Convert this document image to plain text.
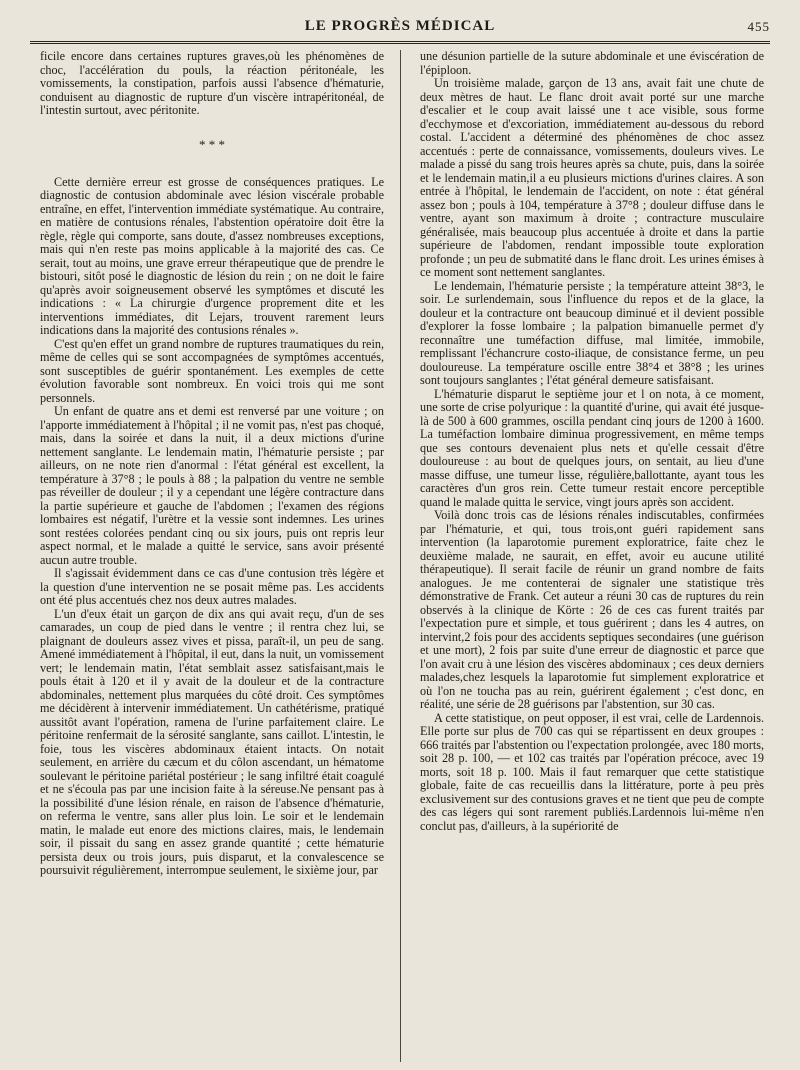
LE PROGRÈS MÉDICAL	455

ficile encore dans certaines ruptures graves,où les phénomènes de choc, l'accélération du pouls, la réaction péritonéale, les vomissements, la constipation, parfois aussi l'absence d'hématurie, conduisent au diagnostic de rupture d'un viscère intrapéritonéal, de l'intestin surtout, avec péritonite.

* * *

Cette dernière erreur est grosse de conséquences pratiques. Le diagnostic de contusion abdominale avec lésion viscérale probable entraîne, en effet, l'intervention immédiate systématique. Au contraire, en matière de contusions rénales, l'abstention opératoire doit être la règle, règle qui comporte, sans doute, d'assez nombreuses exceptions, mais qui n'en reste pas moins applicable à la majorité des cas. Ce serait, tout au moins, une grave erreur thérapeutique que de prendre le bistouri, sitôt posé le diagnostic de lésion du rein ; on ne doit le faire qu'après avoir soigneusement observé les symptômes et discuté les indications : « La chirurgie d'urgence proprement dite et les interventions immédiates, dit Lejars, trouvent rarement leurs indications dans la majorité des contusions rénales ».

C'est qu'en effet un grand nombre de ruptures traumatiques du rein, même de celles qui se sont accompagnées de symptômes accentués, sont susceptibles de guérir spontanément. Les exemples de cette évolution favorable sont nombreux. En voici trois qui me sont personnels.

Un enfant de quatre ans et demi est renversé par une voiture ; on l'apporte immédiatement à l'hôpital ; il ne vomit pas, n'est pas choqué, mais, dans la soirée et dans la nuit, il a deux mictions d'urine nettement sanglante. Le lendemain matin, l'hématurie persiste ; par ailleurs, on ne note rien d'anormal : l'état général est excellent, la température à 37°8 ; le pouls à 88 ; la palpation du ventre ne semble pas réveiller de douleur ; il y a cependant une légère contracture dans la partie supérieure et gauche de l'abdomen ; l'examen des régions lombaires est négatif, l'urètre et la vessie sont indemnes. Les urines sont restées colorées pendant cinq ou six jours, puis ont repris leur aspect normal, et le malade a quitté le service, sans avoir présenté aucun autre trouble.

Il s'agissait évidemment dans ce cas d'une contusion très légère et la question d'une intervention ne se posait même pas. Les accidents ont été plus accentués chez nos deux autres malades.

L'un d'eux était un garçon de dix ans qui avait reçu, d'un de ses camarades, un coup de pied dans le ventre ; il rentra chez lui, se plaignant de douleurs assez vives et pissa, paraît-il, un peu de sang. Amené immédiatement à l'hôpital, il eut, dans la nuit, un vomissement vert; le lendemain matin, l'état semblait assez satisfaisant,mais le pouls était à 120 et il y avait de la douleur et de la contracture abdominales, nettement plus marquées du côté droit. Ces symptômes me décidèrent à intervenir immédiatement. Un cathétérisme, pratiqué aussitôt avant l'opération, ramena de l'urine parfaitement claire. Le péritoine renfermait de la sérosité sanglante, sans caillot. L'intestin, le foie, tous les viscères abdominaux étaient intacts. On notait seulement, en arrière du cæcum et du côlon ascendant, un hématome soulevant le péritoine pariétal postérieur ; le sang infiltré était coagulé et ne s'écoula pas par une incision faite à la séreuse.Ne pensant pas à la possibilité d'une lésion rénale, en raison de l'absence d'hématurie, on referma le ventre, sans aller plus loin. Le soir et le lendemain matin, le malade eut enore des mictions claires, mais, le lendemain soir, il pissait du sang en assez grande quantité ; cette hématurie persista deux ou trois jours, puis disparut, et la convalescence se poursuivit régulièrement, interrompue seulement, le sixième jour, par

une désunion partielle de la suture abdominale et une éviscération de l'épiploon.

Un troisième malade, garçon de 13 ans, avait fait une chute de deux mètres de haut. Le flanc droit avait porté sur une marche d'escalier et le coup avait laissé une t ace visible, sous forme d'ecchymose et d'excoriation, immédiatement au-dessous du rebord costal. L'accident a déterminé des phénomènes de choc assez accentués : perte de connaissance, vomissements, douleurs vives. Le malade a pissé du sang trois heures après sa chute, puis, dans la soirée et le lendemain matin,il a eu plusieurs mictions d'urines claires. A son entrée à l'hôpital, le lendemain de l'accident, on note : état général assez bon ; pouls à 104, température à 37°8 ; douleur diffuse dans le ventre, ayant son maximum à droite ; contracture musculaire généralisée, mais beaucoup plus accentuée à droite et dans la partie supérieure de l'abdomen, rendant impossible toute exploration profonde ; un peu de submatité dans le flanc droit. Les urines émises à ce moment sont nettement sanglantes.

Le lendemain, l'hématurie persiste ; la température atteint 38°3, le soir. Le surlendemain, sous l'influence du repos et de la glace, la douleur et la contracture ont beaucoup diminué et il devient possible d'explorer la fosse lombaire ; la palpation bimanuelle permet d'y reconnaître une tuméfaction diffuse, mal limitée, immobile, remplissant l'échancrure costo-iliaque, de consistance ferme, un peu douloureuse. La température oscille entre 38°4 et 38°8 ; les urines sont toujours sanglantes ; l'état général demeure satisfaisant.

L'hématurie disparut le septième jour et l on nota, à ce moment, une sorte de crise polyurique : la quantité d'urine, qui avait été jusque-là de 500 à 600 grammes, oscilla pendant cinq jours de 1200 à 1600. La tuméfaction lombaire diminua progressivement, en même temps que ses contours devenaient plus nets et qu'elle cessait d'être douloureuse : au bout de quelques jours, on sentait, au lieu d'une masse diffuse, une tumeur lisse, régulière,ballottante, ayant tous les caractères d'un gros rein. Cette tumeur restait encore perceptible quand le malade quitta le service, vingt jours après son accident.

Voilà donc trois cas de lésions rénales indiscutables, confirmées par l'hématurie, et qui, tous trois,ont guéri rapidement sans intervention (la laparotomie purement exploratrice, faite chez le deuxième malade, ne saurait, en effet, avoir eu aucune utilité thérapeutique). Il serait facile de réunir un grand nombre de faits analogues. Je me contenterai de signaler une statistique très démonstrative de Frank. Cet auteur a réuni 30 cas de ruptures du rein observés à la clinique de Körte : 26 de ces cas furent traités par l'expectation pure et simple, et tous guérirent ; dans les 4 autres, on intervint,2 fois pour des accidents septiques secondaires (une guérison et une mort), 2 fois par suite d'une erreur de diagnostic et parce que l'on avait cru à une lésion des viscères abdominaux ; ces deux derniers malades,chez lesquels la laparotomie fut simplement exploratrice et où l'on ne toucha pas au rein, guérirent également ; c'est donc, en réalité, une série de 28 guérisons par l'abstention, sur 30 cas.

A cette statistique, on peut opposer, il est vrai, celle de Lardennois. Elle porte sur plus de 700 cas qui se répartissent en deux groupes : 666 traités par l'abstention ou l'expectation prolongée, avec 180 morts, soit 28 p. 100, — et 102 cas traités par l'opération précoce, avec 19 morts, soit 18 p. 100. Mais il faut remarquer que cette statistique globale, faite de cas recueillis dans la littérature, porte à peu près exclusivement sur des contusions graves et ne tient que peu de compte des cas légers qui sont rarement publiés.Lardennois lui-même n'en conclut pas, d'ailleurs, à la supériorité de
